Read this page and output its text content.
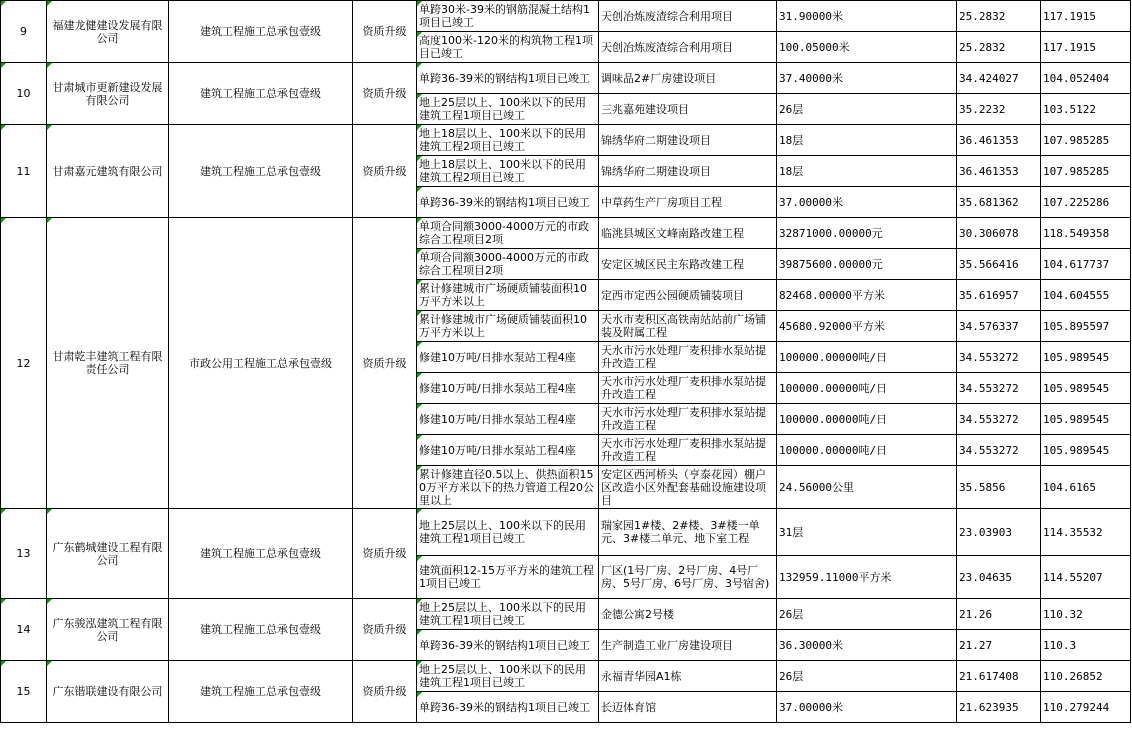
9	福建龙健建设发展有限公司	建筑工程施工总承包壹级	资质升级	单跨30米-39米的钢筋混凝土结构1项目已竣工	天创冶炼废渣综合利用项目	31.90000米	25.2832	117.1915

				高度100米-120米的构筑物工程1项目已竣工	天创冶炼废渣综合利用项目	100.05000米	25.2832	117.1915
10	甘肃城市更新建设发展有限公司	建筑工程施工总承包壹级	资质升级	单跨36-39米的钢结构1项目已竣工	调味品2#厂房建设项目	37.40000米	34.424027	104.052404

				地上25层以上、100米以下的民用建筑工程1项目已竣工	三兆嘉苑建设项目	26层	35.2232	103.5122
11	甘肃嘉元建筑有限公司	建筑工程施工总承包壹级	资质升级	地上18层以上、100米以下的民用建筑工程2项目已竣工	锦绣华府二期建设项目	18层	36.461353	107.985285

				地上18层以上、100米以下的民用建筑工程2项目已竣工	锦绣华府二期建设项目	18层	36.461353	107.985285

				单跨36-39米的钢结构1项目已竣工	中草药生产厂房项目工程	37.00000米	35.681362	107.225286
12	甘肃乾丰建筑工程有限责任公司	市政公用工程施工总承包壹级	资质升级	单项合同额3000-4000万元的市政综合工程项目2项	临洮县城区文峰南路改建工程	32871000.00000元	30.306078	118.549358

				单项合同额3000-4000万元的市政综合工程项目2项	安定区城区民主东路改建工程	39875600.00000元	35.566416	104.617737

				累计修建城市广场硬质铺装面积10万平方米以上	定西市定西公园硬质铺装项目	82468.00000平方米	35.616957	104.604555

				累计修建城市广场硬质铺装面积10万平方米以上	天水市麦积区高铁南站站前广场铺装及附属工程	45680.92000平方米	34.576337	105.895597

				修建10万吨/日排水泵站工程4座	天水市污水处理厂麦积排水泵站提升改造工程	100000.00000吨/日	34.553272	105.989545

				修建10万吨/日排水泵站工程4座	天水市污水处理厂麦积排水泵站提升改造工程	100000.00000吨/日	34.553272	105.989545

				修建10万吨/日排水泵站工程4座	天水市污水处理厂麦积排水泵站提升改造工程	100000.00000吨/日	34.553272	105.989545

				修建10万吨/日排水泵站工程4座	天水市污水处理厂麦积排水泵站提升改造工程	100000.00000吨/日	34.553272	105.989545

				累计修建直径0.5以上、供热面积150万平方米以下的热力管道工程20公里以上	安定区西河桥头（亨泰花园）棚户区改造小区外配套基础设施建设项目	24.56000公里	35.5856	104.6165
13	广东鹤城建设工程有限公司	建筑工程施工总承包壹级	资质升级	地上25层以上、100米以下的民用建筑工程1项目已竣工	瑞家园1#楼、2#楼、3#楼一单元、3#楼二单元、地下室工程	31层	23.03903	114.35532

				建筑面积12-15万平方米的建筑工程1项目已竣工	厂区(1号厂房、2号厂房、4号厂房、5号厂房、6号厂房、3号宿舍)	132959.11000平方米	23.04635	114.55207
14	广东骏泓建筑工程有限公司	建筑工程施工总承包壹级	资质升级	地上25层以上、100米以下的民用建筑工程1项目已竣工	金德公寓2号楼	26层	21.26	110.32

				单跨36-39米的钢结构1项目已竣工	生产制造工业厂房建设项目	36.30000米	21.27	110.3
15	广东锴联建设有限公司	建筑工程施工总承包壹级	资质升级	地上25层以上、100米以下的民用建筑工程1项目已竣工	永福青华园A1栋	26层	21.617408	110.26852

				单跨36-39米的钢结构1项目已竣工	长迈体育馆	37.00000米	21.623935	110.279244
